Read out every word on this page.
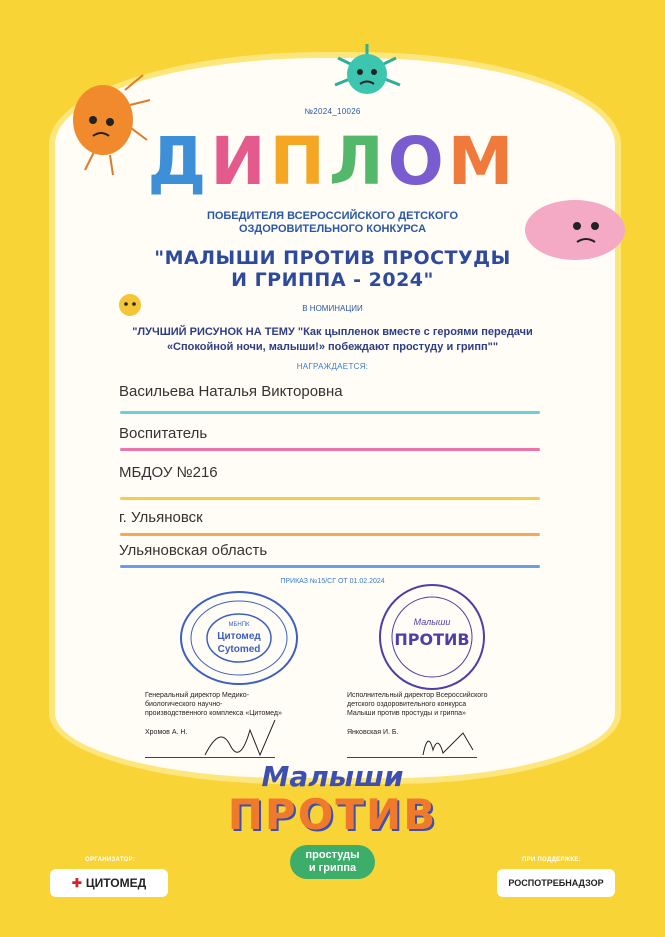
№2024_10026
ДИПЛОМ
ПОБЕДИТЕЛЯ ВСЕРОССИЙСКОГО ДЕТСКОГО
ОЗДОРОВИТЕЛЬНОГО КОНКУРСА
"МАЛЫШИ ПРОТИВ ПРОСТУДЫ
И ГРИППА - 2024"
В НОМИНАЦИИ
"ЛУЧШИЙ РИСУНОК НА ТЕМУ "Как цыпленок вместе с героями передачи
«Спокойной ночи, малыши!» побеждают простуду и грипп""
НАГРАЖДАЕТСЯ:
Васильева Наталья Викторовна
Воспитатель
МБДОУ №216
г. Ульяновск
Ульяновская область
ПРИКАЗ №15/СГ ОТ 01.02.2024
МБНПК
Цитомед
Cytomed
Малыши
ПРОТИВ
Генеральный директор Медико-
биологического научно-
производственного комплекса «Цитомед»
Хромов А. Н.
Исполнительный директор Всероссийского
детского оздоровительного конкурса
Малыши против простуды и гриппа»
Янковская И. Б.
Малыши
ПРОТИВ
простуды
и гриппа
ОРГАНИЗАТОР:
✚ ЦИТОМЕД
ПРИ ПОДДЕРЖКЕ:
РОСПОТРЕБНАДЗОР
